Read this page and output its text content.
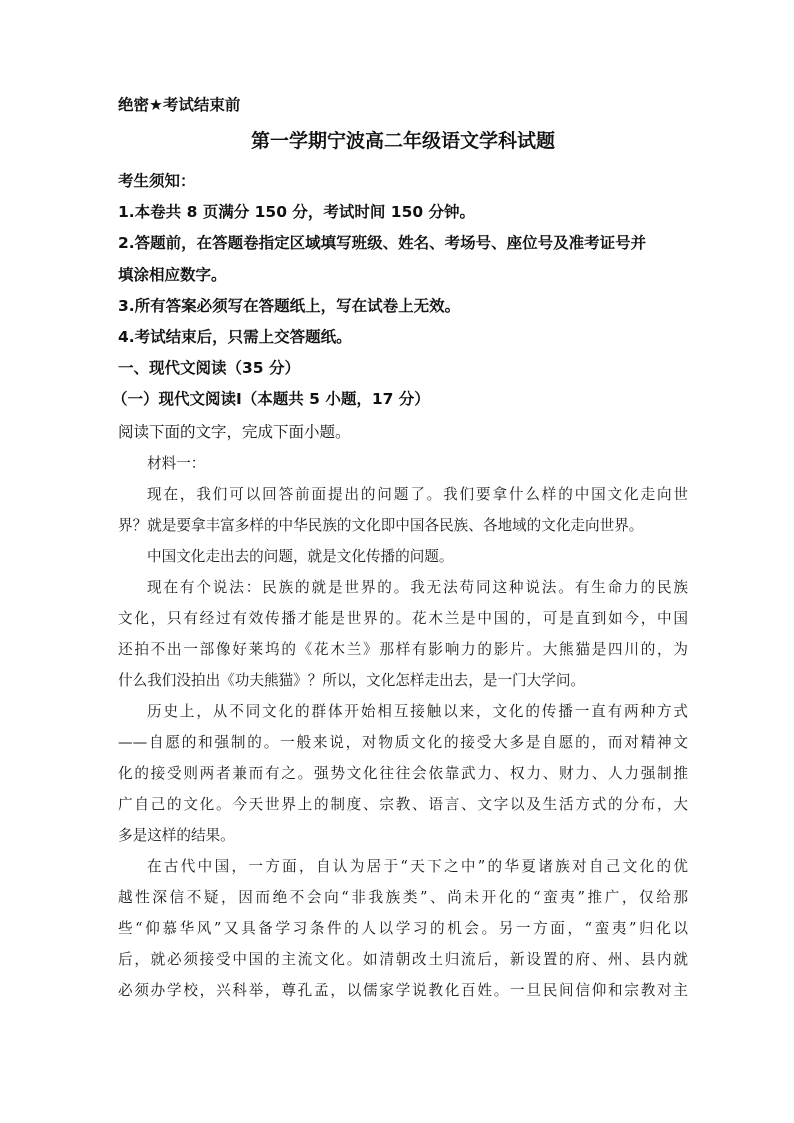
绝密★考试结束前
第一学期宁波高二年级语文学科试题
考生须知：
1.本卷共 8 页满分 150 分，考试时间 150 分钟。
2.答题前，在答题卷指定区域填写班级、姓名、考场号、座位号及准考证号并
填涂相应数字。
3.所有答案必须写在答题纸上，写在试卷上无效。
4.考试结束后，只需上交答题纸。
一、现代文阅读（35 分）
（一）现代文阅读Ⅰ（本题共 5 小题，17 分）
阅读下面的文字，完成下面小题。
材料一：
现在，我们可以回答前面提出的问题了。我们要拿什么样的中国文化走向世
界？就是要拿丰富多样的中华民族的文化即中国各民族、各地域的文化走向世界。
中国文化走出去的问题，就是文化传播的问题。
现在有个说法：民族的就是世界的。我无法苟同这种说法。有生命力的民族
文化，只有经过有效传播才能是世界的。花木兰是中国的，可是直到如今，中国
还拍不出一部像好莱坞的《花木兰》那样有影响力的影片。大熊猫是四川的，为
什么我们没拍出《功夫熊猫》？所以，文化怎样走出去，是一门大学问。
历史上，从不同文化的群体开始相互接触以来，文化的传播一直有两种方式
——自愿的和强制的。一般来说，对物质文化的接受大多是自愿的，而对精神文
化的接受则两者兼而有之。强势文化往往会依靠武力、权力、财力、人力强制推
广自己的文化。今天世界上的制度、宗教、语言、文字以及生活方式的分布，大
多是这样的结果。
在古代中国，一方面，自认为居于“天下之中”的华夏诸族对自己文化的优
越性深信不疑，因而绝不会向“非我族类”、尚未开化的“蛮夷”推广，仅给那
些“仰慕华风”又具备学习条件的人以学习的机会。另一方面，“蛮夷”归化以
后，就必须接受中国的主流文化。如清朝改土归流后，新设置的府、州、县内就
必须办学校，兴科举，尊孔孟，以儒家学说教化百姓。一旦民间信仰和宗教对主
